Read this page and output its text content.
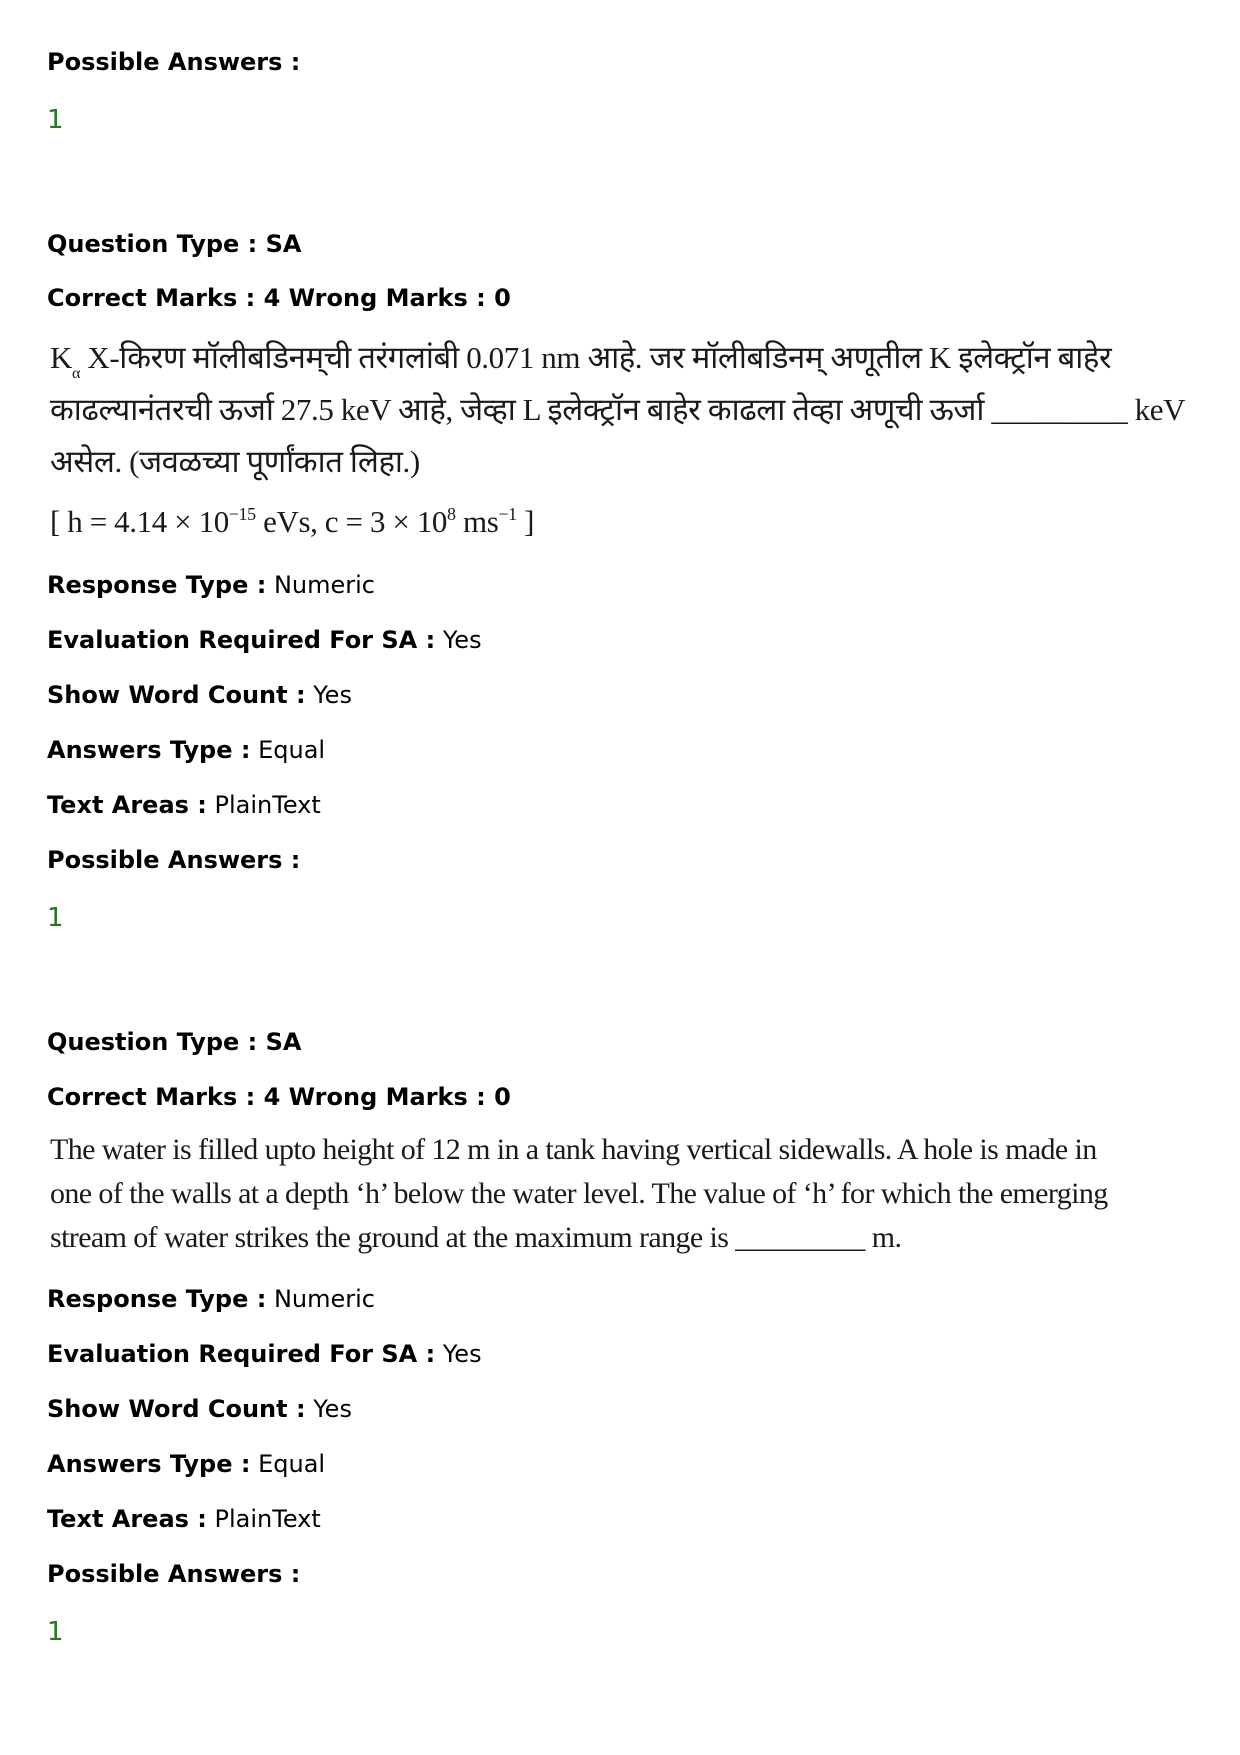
Possible Answers :
1
Question Type : SA
Correct Marks : 4 Wrong Marks : 0
$K_\alpha$ X-किरण मॉलीबडिनम्‌ची तरंगलांबी 0.071 nm आहे. जर मॉलीबडिनम्‌ अणूतील K इलेक्ट्रॉन बाहेर
काढल्यानंतरची ऊर्जा 27.5 keV आहे, जेव्हा L इलेक्ट्रॉन बाहेर काढला तेव्हा अणूची ऊर्जा _________ keV
असेल. (जवळच्या पूर्णांकात लिहा.)
[ $h = 4.14 \times 10^{-15}$ eVs, $c = 3 \times 10^8$ $ms^{-1}$ ]
Response Type : Numeric
Evaluation Required For SA : Yes
Show Word Count : Yes
Answers Type : Equal
Text Areas : PlainText
Possible Answers :
1
Question Type : SA
Correct Marks : 4 Wrong Marks : 0
The water is filled upto height of 12 m in a tank having vertical sidewalls. A hole is made in
one of the walls at a depth ‘h’ below the water level. The value of ‘h’ for which the emerging
stream of water strikes the ground at the maximum range is _________ m.
Response Type : Numeric
Evaluation Required For SA : Yes
Show Word Count : Yes
Answers Type : Equal
Text Areas : PlainText
Possible Answers :
1
